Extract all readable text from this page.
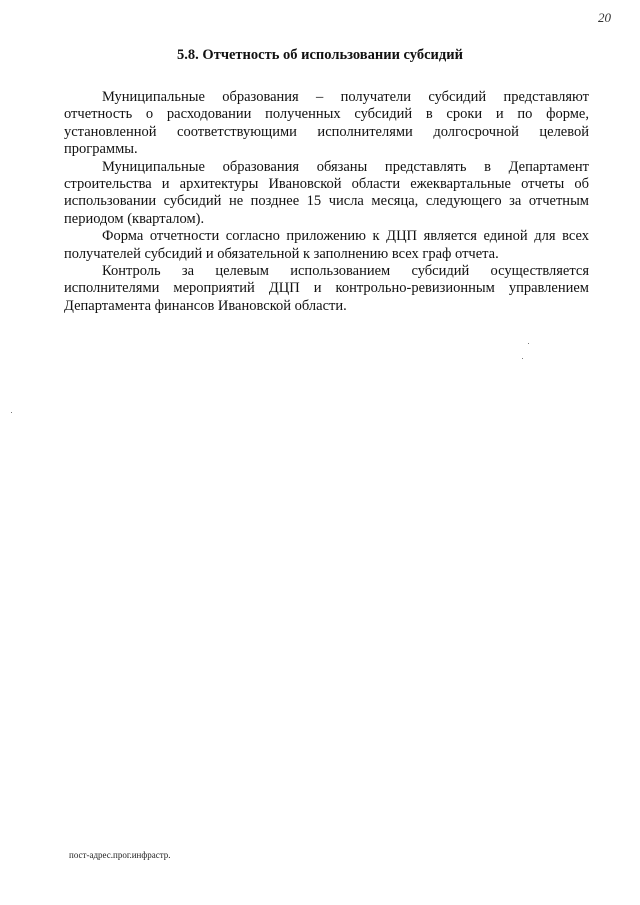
20
5.8. Отчетность об использовании субсидий

Муниципальные образования – получатели субсидий представляют отчетность о расходовании полученных субсидий в сроки и по форме, установленной соответствующими исполнителями долгосрочной целевой программы.

Муниципальные образования обязаны представлять в Департамент строительства и архитектуры Ивановской области ежеквартальные отчеты об использовании субсидий не позднее 15 числа месяца, следующего за отчетным периодом (кварталом).

Форма отчетности согласно приложению к ДЦП является единой для всех получателей субсидий и обязательной к заполнению всех граф отчета.

Контроль за целевым использованием субсидий осуществляется исполнителями мероприятий ДЦП и контрольно-ревизионным управлением Департамента финансов Ивановской области.

пост-адрес.прог.инфрастр.
